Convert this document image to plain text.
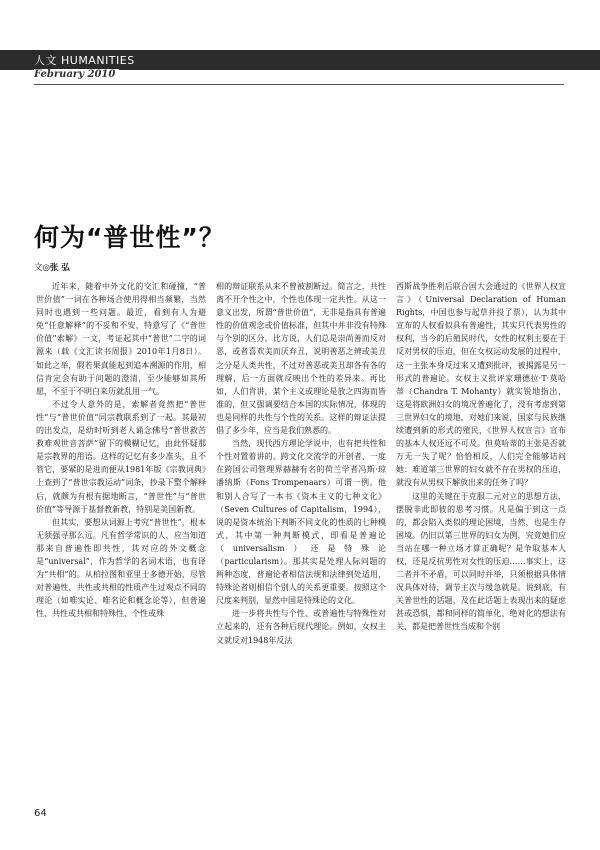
人文 HUMANITIES
February 2010
何为“普世性”？
文◎张 弘

近年来，随着中外文化的交汇和碰撞，“普世价值”一词在各种场合使用得相当频繁，当然同时也遇到一些问题。最近，看到有人为避免“任意解释”的不妥和不安，特意写了《“普世价值”索解》一文，考证起其中“普世”二字的词源来（载《文汇读书周报》2010年1月8日）。如此之举，假若果真能起到追本溯源的作用，相信肯定会有助于问题的澄清，至少能够如其所愿，不至于不明白来历就乱用一气。

不过令人意外的是，索解者竟然把“普世性”与“普世价值”同宗教联系到了一起。其最初的出发点，是幼时听到老人诵念佛号“普世救苦救难观世音菩萨”留下的模糊记忆，由此怀疑那是宗教界的用语。这样的记忆有多少准头，且不管它，要紧的是进而便从1981年版《宗教词典》上查到了“普世宗教运动”词条，抄录下整个解释后，就颇为有根有据地断言，“普世性”与“普世价值”等导源于基督教新教，特别是美国新教。

但其实，要想从词源上考究“普世性”，根本无须强寻那么远。凡有哲学常识的人，应当知道那来自普遍性即共性，其对应的外文概念是“universal”，作为哲学的名词术语，也有译为“共相”的。从柏拉图和亚里士多德开始，尽管对普遍性、共性或共相的性质产生过观点不同的理论（如唯实论、唯名论和概念论等），但普遍性、共性或共相和特殊性、个性或殊

相的辩证联系从来不曾被割断过。简言之，共性离不开个性之中，个性也体现一定共性。从这一意义出发，所谓“普世价值”，无非是指具有普遍性的价值观念或价值标准，但其中并非没有特殊与个别的区分。比方说，人们总是崇尚善而反对恶，或者喜欢美而厌弃丑，说明善恶之辨或美丑之分是人类共性，不过对善恶或美丑却各有各的理解，后一方面就反映出个性的差异来。再比如，人们肯讲，某个主义或理论是放之四海而皆准的，但又强调要结合本国的实际情况，体现的也是同样的共性与个性的关系。这样的辩证法提倡了多少年，应当是我们熟悉的。

当然，现代西方理论学说中，也有把共性和个性对置着讲的。跨文化交流学的开创者、一度在跨国公司管理界赫赫有名的荷兰学者冯斯·琼潘纳斯（Fons Trompenaars）可谓一例。他和别人合写了一本书《资本主义的七种文化》（Seven Cultures of Capitalism，1994），说的是资本统治下判断不同文化的性质的七种模式，其中第一种判断模式，即看是普遍论（universalism）还是特殊论（particularism）。那其实是处理人际问题的两种态度，普遍论者相信法规和法律到处适用，特殊论者则相信个别人的关系更重要。按照这个尺度来判别，显然中国是特殊论的文化。

进一步将共性与个性、或普遍性与特殊性对立起来的，还有各种后现代理论。例如，女权主义就反对1948年反法

西斯战争胜利后联合国大会通过的《世界人权宣言》（Universal Declaration of Human Rights，中国也参与起草并投了票），认为其中宣布的人权看似具有普遍性，其实只代表男性的权利，当今的后殖民时代，女性的权利主要在于反对男权的压迫，但在女权运动发展的过程中，这一主张本身反过来又遭到批评，被揭露是另一形式的普遍论。女权主义批评家珊德拉·T·莫哈蒂（Chandra T. Mohanty）就实锐地指出，这是将欧洲妇女的境况普遍化了，没有考虑到第三世界妇女的境地，对她们来说，国家与民族继续遭到新的形式的殖民，《世界人权宣言》宣布的基本人权还远不可及。但莫哈蒂的主张是否就万无一失了呢？恰恰相反，人们完全能够诘问她：难道第三世界的妇女就不存在男权的压迫，就没有从男权下解放出来的任务了吗？

这里的关键在于克服二元对立的思想方法，摆脱非此即彼的思考习惯。凡是偏于到这一点的，都会陷入类似的理论困境，当然，也是生存困境。仍旧以第三世界的妇女为例，究竟她们应当站在哪一种立场才算正确呢？是争取基本人权，还是反抗男性对女性的压迫……事实上，这二者并不矛盾，可以同时并举，只须根据具体情况具体对待，调节主次与缓急就是。说到底，有关普世性的话题，及在此话题上表现出来的疑虑甚或恐惧，都和同样的简单化、绝对化的想法有关，都是把普世性当成和个别

64
